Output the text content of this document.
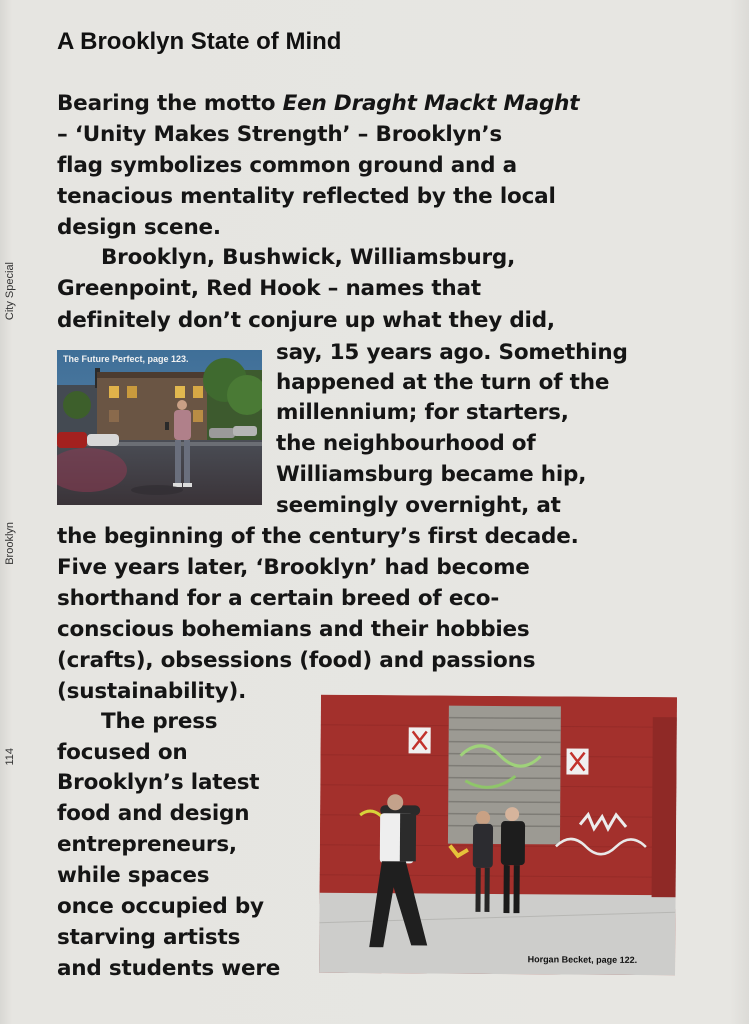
City Special
Brooklyn
114
A Brooklyn State of Mind
Bearing the motto Een Draght Mackt Maght
– ‘Unity Makes Strength’ – Brooklyn’s
flag symbolizes common ground and a
tenacious mentality reflected by the local
design scene.
Brooklyn, Bushwick, Williamsburg,
Greenpoint, Red Hook – names that
definitely don’t conjure up what they did,
say, 15 years ago. Something
happened at the turn of the
millennium; for starters,
the neighbourhood of
Williamsburg became hip,
seemingly overnight, at
the beginning of the century’s first decade.
Five years later, ‘Brooklyn’ had become
shorthand for a certain breed of eco-
conscious bohemians and their hobbies
(crafts), obsessions (food) and passions
(sustainability).
The press
focused on
Brooklyn’s latest
food and design
entrepreneurs,
while spaces
once occupied by
starving artists
and students were
The Future Perfect, page 123.
Horgan Becket, page 122.
